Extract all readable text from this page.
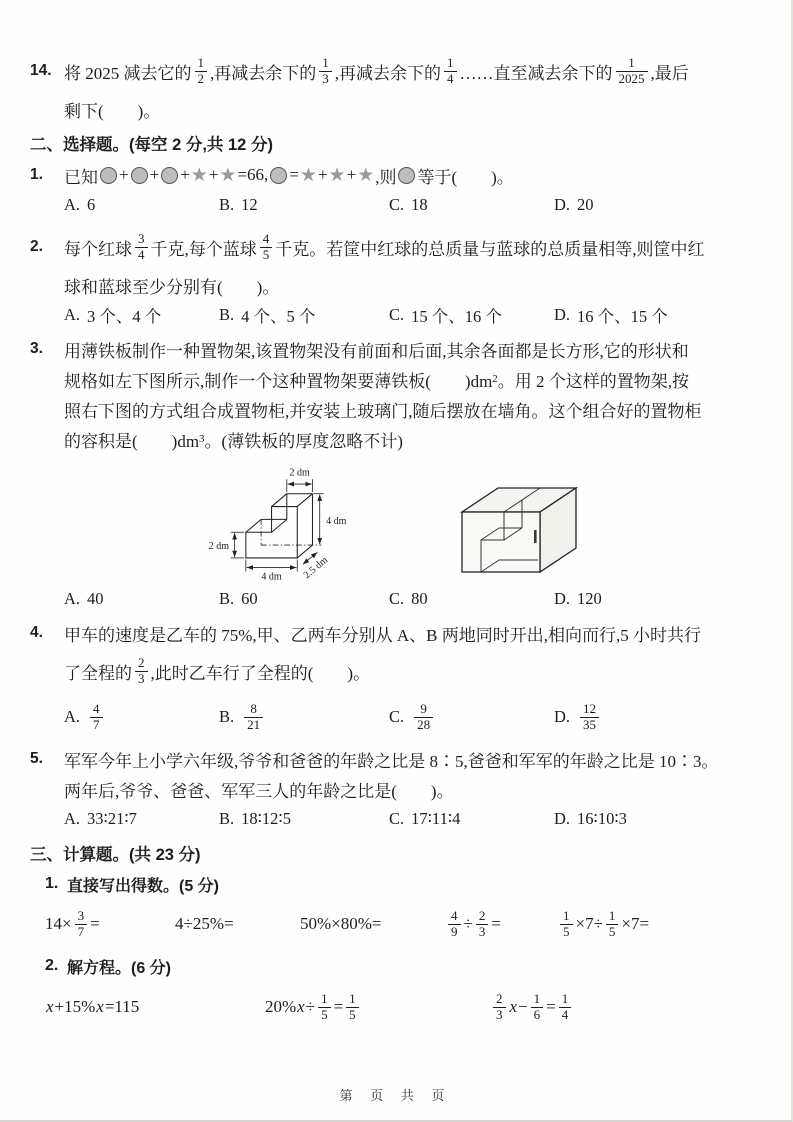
14. 将 2025 减去它的 $\frac{1}{2}$ ,再减去余下的 $\frac{1}{3}$ ,再减去余下的 $\frac{1}{4}$ ……直至减去余下的 $\frac{1}{2025}$ ,最后
剩下(　　)。
二、选择题。(每空 2 分,共 12 分)
1.	已知 + + + ★ + ★ =66, = ★ + ★ + ★ ,则 等于(　　)。
A. 6	B. 12	C. 18	D. 20
2.	每个红球 $\frac{3}{4}$ 千克,每个蓝球 $\frac{4}{5}$ 千克。若筐中红球的总质量与蓝球的总质量相等,则筐中红
球和蓝球至少分别有(　　)。
A. 3 个、4 个	B. 4 个、5 个	C. 15 个、16 个	D. 16 个、15 个
3.	用薄铁板制作一种置物架,该置物架没有前面和后面,其余各面都是长方形,它的形状和
规格如左下图所示,制作一个这种置物架要薄铁板(　　)dm 2 。用 2 个这样的置物架,按
照右下图的方式组合成置物柜,并安装上玻璃门,随后摆放在墙角。这个组合好的置物柜
的容积是(　　)dm 3 。(薄铁板的厚度忽略不计)
2 dm
4 dm
2 dm
4 dm 2.5 dm
A. 40	B. 60	C. 80	D. 120
4.	甲车的速度是乙车的 75%,甲、乙两车分别从 A、B 两地同时开出,相向而行,5 小时共行
了全程的 $\frac{2}{3}$ ,此时乙车行了全程的(　　)。
A. $\frac{4}{7}$	B. $\frac{8}{21}$	C. $\frac{9}{28}$	D. $\frac{12}{35}$
5.	军军今年上小学六年级,爷爷和爸爸的年龄之比是 8∶5,爸爸和军军的年龄之比是 10∶3。
两年后,爷爷、爸爸、军军三人的年龄之比是(　　)。
A. 33∶21∶7	B. 18∶12∶5	C. 17∶11∶4	D. 16∶10∶3
三、计算题。(共 23 分)
1. 直接写出得数。(5 分)
$14\times \frac{3}{7}$ =	4÷25%=	50%×80%=	$\frac{4}{9} \div \frac{2}{3}$ =	$\frac{1}{5} \times 7\div \frac{1}{5} \times 7=$
2. 解方程。(6 分)
x +15% x =115	20% $x \div \frac{1}{5} = \frac{1}{5}$	$\frac{2}{3}$ $x - \frac{1}{6} = \frac{1}{4}$
第 页 共 页
